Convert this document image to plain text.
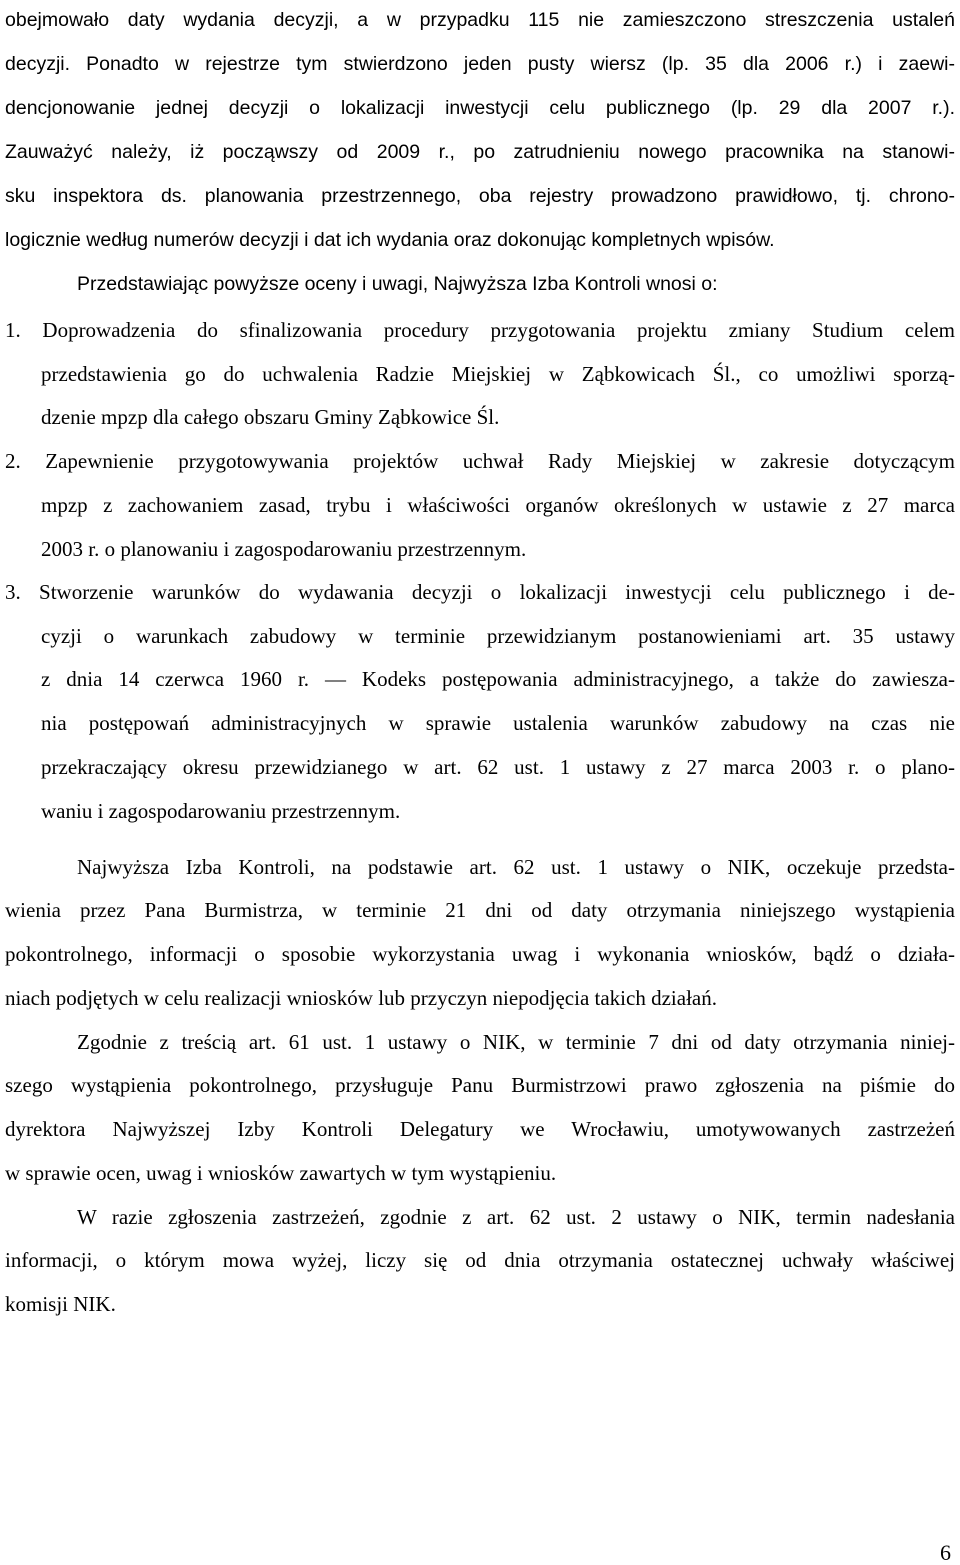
obejmowało daty wydania decyzji, a w przypadku 115 nie zamieszczono streszczenia ustaleń
decyzji. Ponadto w rejestrze tym stwierdzono jeden pusty wiersz (lp. 35 dla 2006 r.) i zaewi-
dencjonowanie jednej decyzji o lokalizacji inwestycji celu publicznego (lp. 29 dla 2007 r.).
Zauważyć należy, iż począwszy od 2009 r., po zatrudnieniu nowego pracownika na stanowi-
sku inspektora ds. planowania przestrzennego, oba rejestry prowadzono prawidłowo, tj. chrono-
logicznie według numerów decyzji i dat ich wydania oraz dokonując kompletnych wpisów.
Przedstawiając powyższe oceny i uwagi, Najwyższa Izba Kontroli wnosi o:
1. Doprowadzenia do sfinalizowania procedury przygotowania projektu zmiany Studium celem
przedstawienia go do uchwalenia Radzie Miejskiej w Ząbkowicach Śl., co umożliwi sporzą-
dzenie mpzp dla całego obszaru Gminy Ząbkowice Śl.
2. Zapewnienie przygotowywania projektów uchwał Rady Miejskiej w zakresie dotyczącym
mpzp z zachowaniem zasad, trybu i właściwości organów określonych w ustawie z 27 marca
2003 r. o planowaniu i zagospodarowaniu przestrzennym.
3. Stworzenie warunków do wydawania decyzji o lokalizacji inwestycji celu publicznego i de-
cyzji o warunkach zabudowy w terminie przewidzianym postanowieniami art. 35 ustawy
z dnia 14 czerwca 1960 r. ― Kodeks postępowania administracyjnego, a także do zawiesza-
nia postępowań administracyjnych w sprawie ustalenia warunków zabudowy na czas nie
przekraczający okresu przewidzianego w art. 62 ust. 1 ustawy z 27 marca 2003 r. o plano-
waniu i zagospodarowaniu przestrzennym.
Najwyższa Izba Kontroli, na podstawie art. 62 ust. 1 ustawy o NIK, oczekuje przedsta-
wienia przez Pana Burmistrza, w terminie 21 dni od daty otrzymania niniejszego wystąpienia
pokontrolnego, informacji o sposobie wykorzystania uwag i wykonania wniosków, bądź o działa-
niach podjętych w celu realizacji wniosków lub przyczyn niepodjęcia takich działań.
Zgodnie z treścią art. 61 ust. 1 ustawy o NIK, w terminie 7 dni od daty otrzymania niniej-
szego wystąpienia pokontrolnego, przysługuje Panu Burmistrzowi prawo zgłoszenia na piśmie do
dyrektora Najwyższej Izby Kontroli Delegatury we Wrocławiu, umotywowanych zastrzeżeń
w sprawie ocen, uwag i wniosków zawartych w tym wystąpieniu.
W razie zgłoszenia zastrzeżeń, zgodnie z art. 62 ust. 2 ustawy o NIK, termin nadesłania
informacji, o którym mowa wyżej, liczy się od dnia otrzymania ostatecznej uchwały właściwej
komisji NIK.
6
